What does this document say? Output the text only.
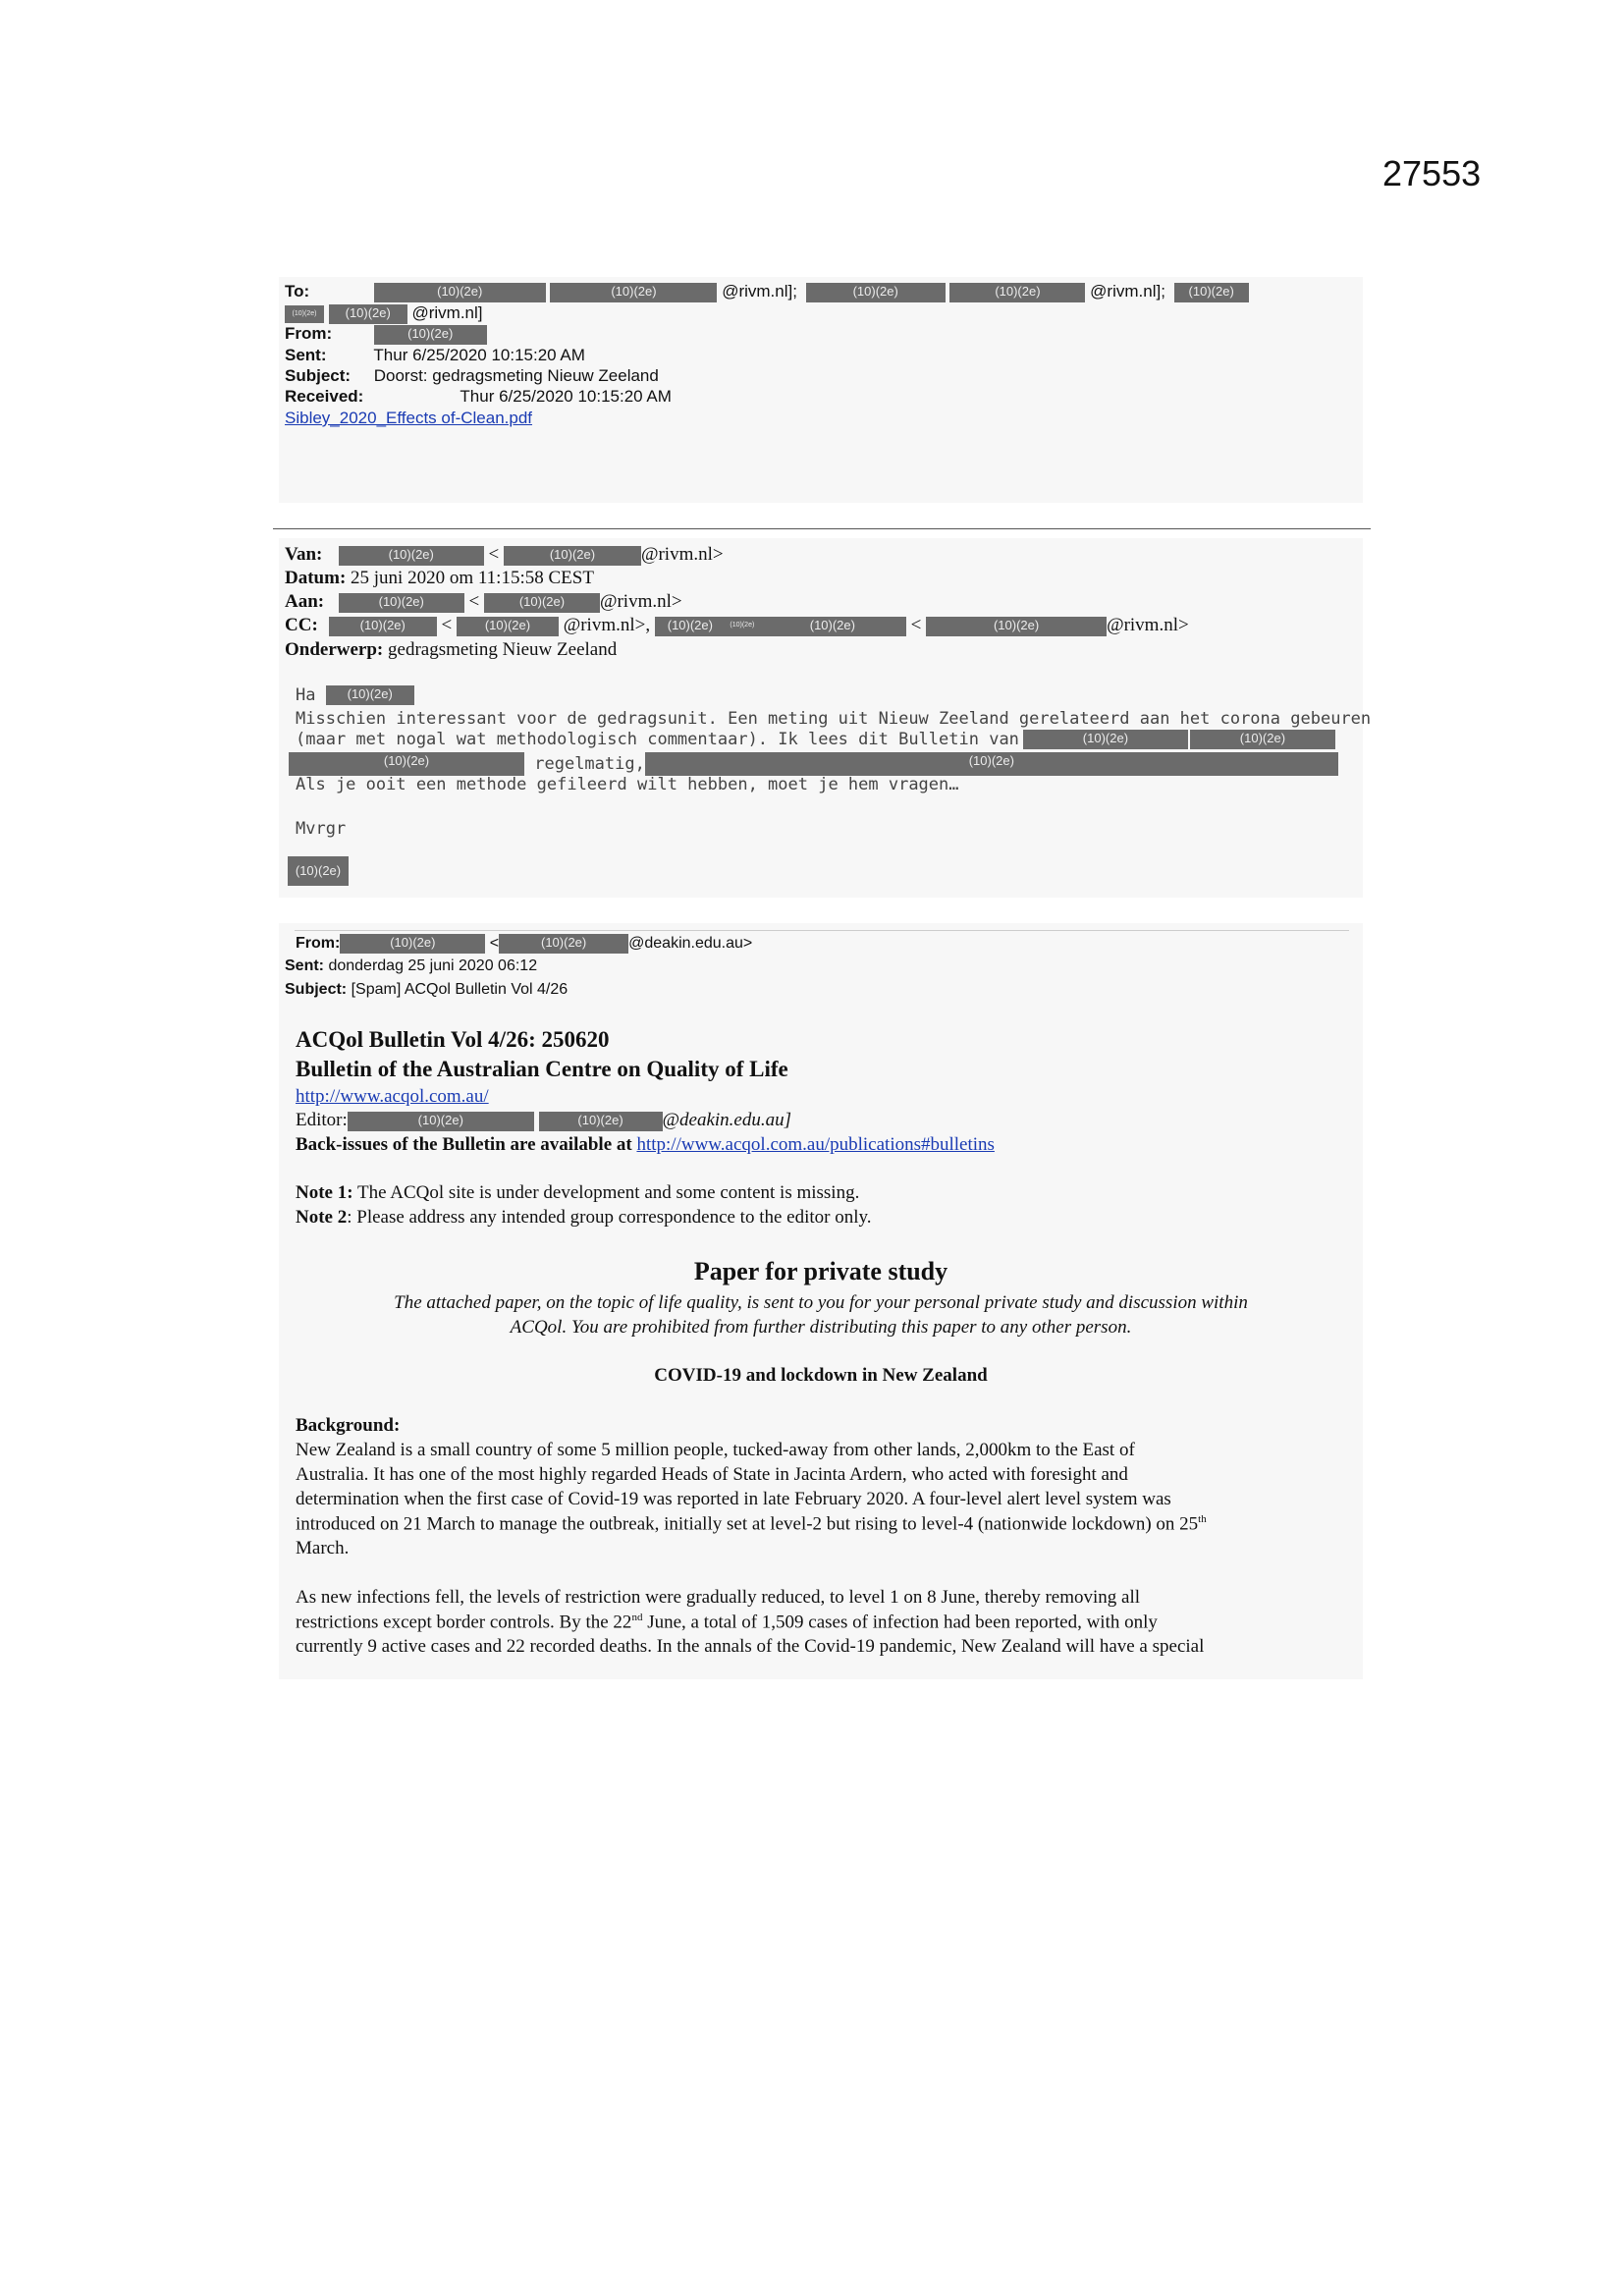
27553
To:	(10)(2e)	(10)(2e)	@rivm.nl];	(10)(2e)	(10)(2e)	@rivm.nl]; (10)(2e)
(10)(2e) (10)(2e) @rivm.nl]
From:	(10)(2e)
Sent:	Thur 6/25/2020 10:15:20 AM
Subject: Doorst: gedragsmeting Nieuw Zeeland
Received:	Thur 6/25/2020 10:15:20 AM
Sibley_2020_Effects of-Clean.pdf
Van:	(10)(2e)	<	(10)(2e) @rivm.nl>
Datum: 25 juni 2020 om 11:15:58 CEST
Aan:	(10)(2e) <	(10)(2e) @rivm.nl>
CC:	(10)(2e) <	(10)(2e) @rivm.nl>, (10)(2e) (10)(2e)	(10)(2e)	<	(10)(2e)	@rivm.nl>
Onderwerp: gedragsmeting Nieuw Zeeland
Ha (10)(2e)
Misschien interessant voor de gedragsunit. Een meting uit Nieuw Zeeland gerelateerd aan het corona gebeuren
(maar met nogal wat methodologisch commentaar). Ik lees dit Bulletin van	(10)(2e)	(10)(2e)
(10)(2e)	regelmatig,	(10)(2e)
Als je ooit een methode gefileerd wilt hebben, moet je hem vragen…
Mvrgr
(10)(2e)
From:	(10)(2e)	<	(10)(2e)	@deakin.edu.au>
Sent: donderdag 25 juni 2020 06:12
Subject: [Spam] ACQol Bulletin Vol 4/26
ACQol Bulletin Vol 4/26: 250620
Bulletin of the Australian Centre on Quality of Life
http://www.acqol.com.au/
Editor:	(10)(2e)	(10)(2e) @deakin.edu.au]
Back-issues of the Bulletin are available at http://www.acqol.com.au/publications#bulletins
Note 1: The ACQol site is under development and some content is missing.
Note 2: Please address any intended group correspondence to the editor only.
Paper for private study
The attached paper, on the topic of life quality, is sent to you for your personal private study and discussion within
ACQol. You are prohibited from further distributing this paper to any other person.
COVID-19 and lockdown in New Zealand
Background:
New Zealand is a small country of some 5 million people, tucked-away from other lands, 2,000km to the East of
Australia. It has one of the most highly regarded Heads of State in Jacinta Ardern, who acted with foresight and
determination when the first case of Covid-19 was reported in late February 2020. A four-level alert level system was
introduced on 21 March to manage the outbreak, initially set at level-2 but rising to level-4 (nationwide lockdown) on 25th
March.
As new infections fell, the levels of restriction were gradually reduced, to level 1 on 8 June, thereby removing all
restrictions except border controls. By the 22nd June, a total of 1,509 cases of infection had been reported, with only
currently 9 active cases and 22 recorded deaths. In the annals of the Covid-19 pandemic, New Zealand will have a special
